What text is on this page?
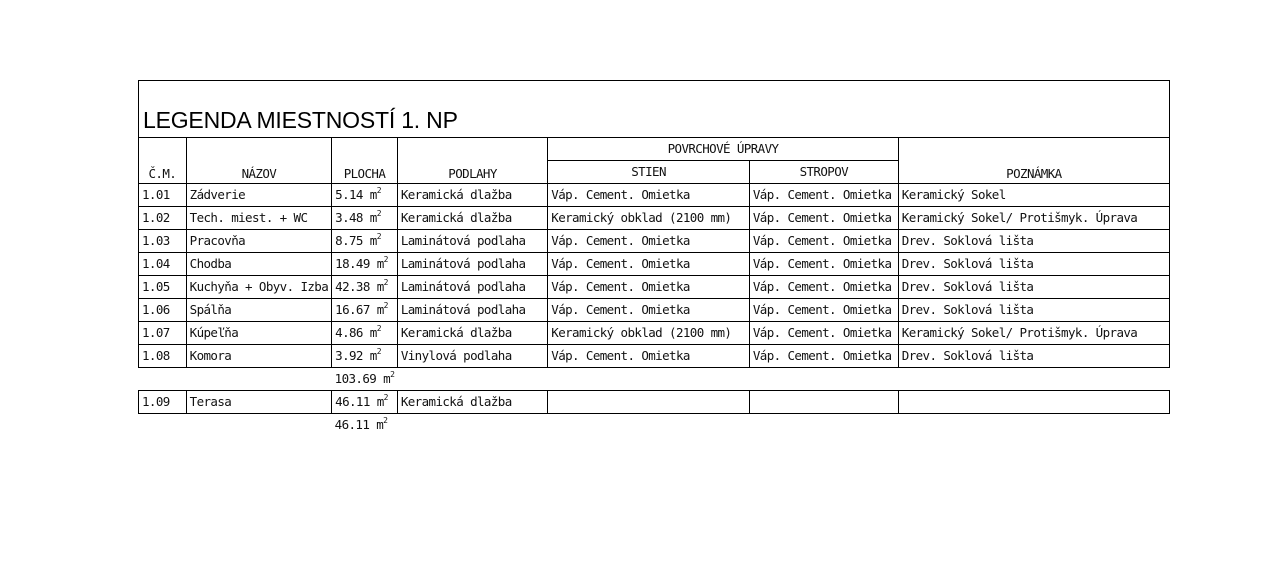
LEGENDA MIESTNOSTÍ 1. NP
Č.M.	NÁZOV	PLOCHA	PODLAHY	POVRCHOVÉ ÚPRAVY		POZNÁMKA
				STIEN	STROPOV	
1.01	Zádverie	5.14 $m^2$	Keramická dlažba	Váp. Cement. Omietka	Váp. Cement. Omietka	Keramický Sokel
1.02	Tech. miest. + WC	3.48 $m^2$	Keramická dlažba	Keramický obklad (2100 mm)	Váp. Cement. Omietka	Keramický Sokel/ Protišmyk. Úprava
1.03	Pracovňa	8.75 $m^2$	Laminátová podlaha	Váp. Cement. Omietka	Váp. Cement. Omietka	Drev. Soklová lišta
1.04	Chodba	18.49 $m^2$	Laminátová podlaha	Váp. Cement. Omietka	Váp. Cement. Omietka	Drev. Soklová lišta
1.05	Kuchyňa + Obyv. Izba	42.38 $m^2$	Laminátová podlaha	Váp. Cement. Omietka	Váp. Cement. Omietka	Drev. Soklová lišta
1.06	Spálňa	16.67 $m^2$	Laminátová podlaha	Váp. Cement. Omietka	Váp. Cement. Omietka	Drev. Soklová lišta
1.07	Kúpeľňa	4.86 $m^2$	Keramická dlažba	Keramický obklad (2100 mm)	Váp. Cement. Omietka	Keramický Sokel/ Protišmyk. Úprava
1.08	Komora	3.92 $m^2$	Vinylová podlaha	Váp. Cement. Omietka	Váp. Cement. Omietka	Drev. Soklová lišta
		103.69 $m^2$				
1.09	Terasa	46.11 $m^2$	Keramická dlažba			
		46.11 $m^2$				
